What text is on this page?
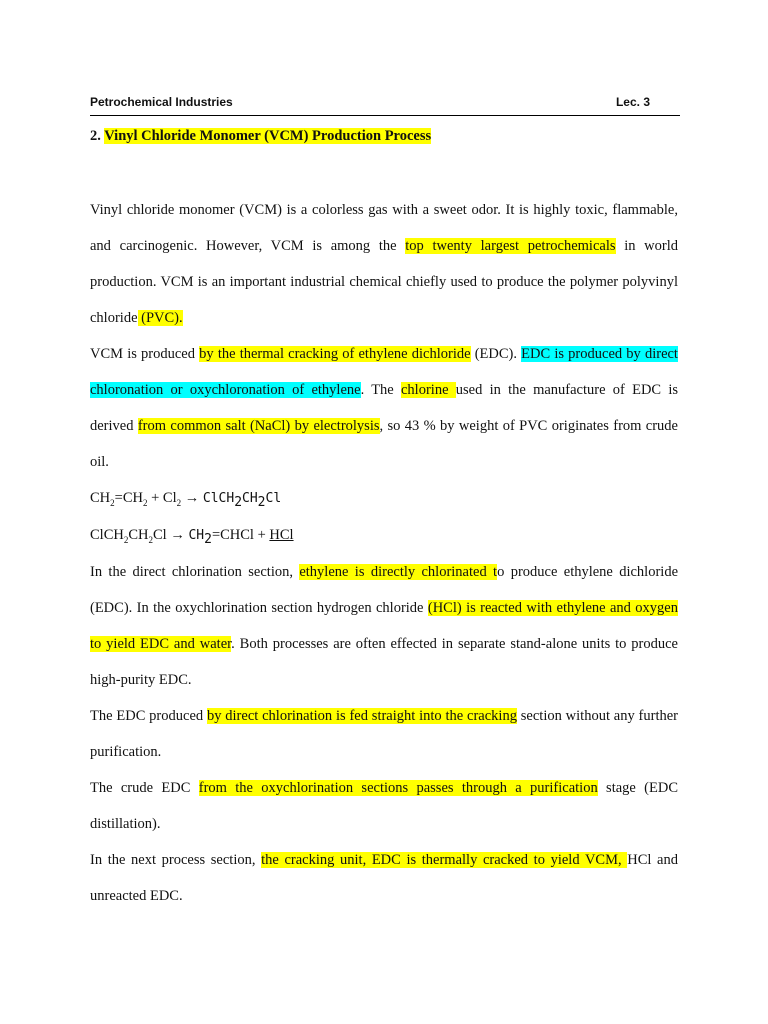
Petrochemical Industries	Lec. 3
2. Vinyl Chloride Monomer (VCM) Production Process

Vinyl chloride monomer (VCM) is a colorless gas with a sweet odor. It is highly toxic, flammable, and carcinogenic. However, VCM is among the top twenty largest petrochemicals in world production. VCM is an important industrial chemical chiefly used to produce the polymer polyvinyl chloride (PVC).

VCM is produced by the thermal cracking of ethylene dichloride (EDC). EDC is produced by direct chloronation or oxychloronation of ethylene. The chlorine used in the manufacture of EDC is derived from common salt (NaCl) by electrolysis, so 43 % by weight of PVC originates from crude oil.

$CH_2=CH_2 + Cl_2$ → $ClCH_2CH_2Cl$

$ClCH_2CH_2Cl$ → $CH_2=CHCl$ + HCl

In the direct chlorination section, ethylene is directly chlorinated to produce ethylene dichloride (EDC). In the oxychlorination section hydrogen chloride (HCl) is reacted with ethylene and oxygen to yield EDC and water. Both processes are often effected in separate stand-alone units to produce high-purity EDC.

The EDC produced by direct chlorination is fed straight into the cracking section without any further purification.

The crude EDC from the oxychlorination sections passes through a purification stage (EDC distillation).

In the next process section, the cracking unit, EDC is thermally cracked to yield VCM, HCl and unreacted EDC.
